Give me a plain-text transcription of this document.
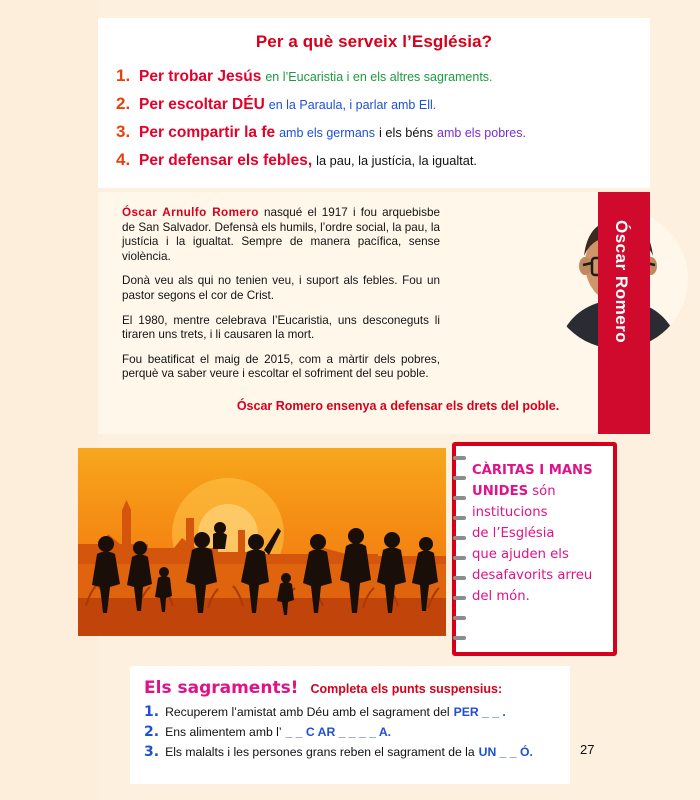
Per a què serveix l’Església?
1. Per trobar Jesús en l’Eucaristia i en els altres sagraments.
2. Per escoltar DÉU en la Paraula, i parlar amb Ell.
3. Per compartir la fe amb els germans i els béns amb els pobres.
4. Per defensar els febles, la pau, la justícia, la igualtat.

Óscar Arnulfo Romero nasqué el 1917 i fou arquebisbe de San Salvador. Defensà els humils, l’ordre social, la pau, la justícia i la igualtat. Sempre de manera pacífica, sense violència.

Donà veu als qui no tenien veu, i suport als febles. Fou un pastor segons el cor de Crist.

El 1980, mentre celebrava l’Eucaristia, uns desconeguts li tiraren uns trets, i li causaren la mort.

Fou beatificat el maig de 2015, com a màrtir dels pobres, perquè va saber veure i escoltar el sofriment del seu poble.

Óscar Romero ensenya a defensar els drets del poble.
Óscar Romero
CÀRITAS I MANS
UNIDES són
institucions
de l’Església
que ajuden els
desafavorits arreu
del món.
Els sagraments! Completa els punts suspensius:
1. Recuperem l’amistat amb Déu amb el sagrament del PER _ _ .
2. Ens alimentem amb l’ _ _ C AR _ _ _ _ A.
3. Els malalts i les persones grans reben el sagrament de la UN _ _ Ó.	27
